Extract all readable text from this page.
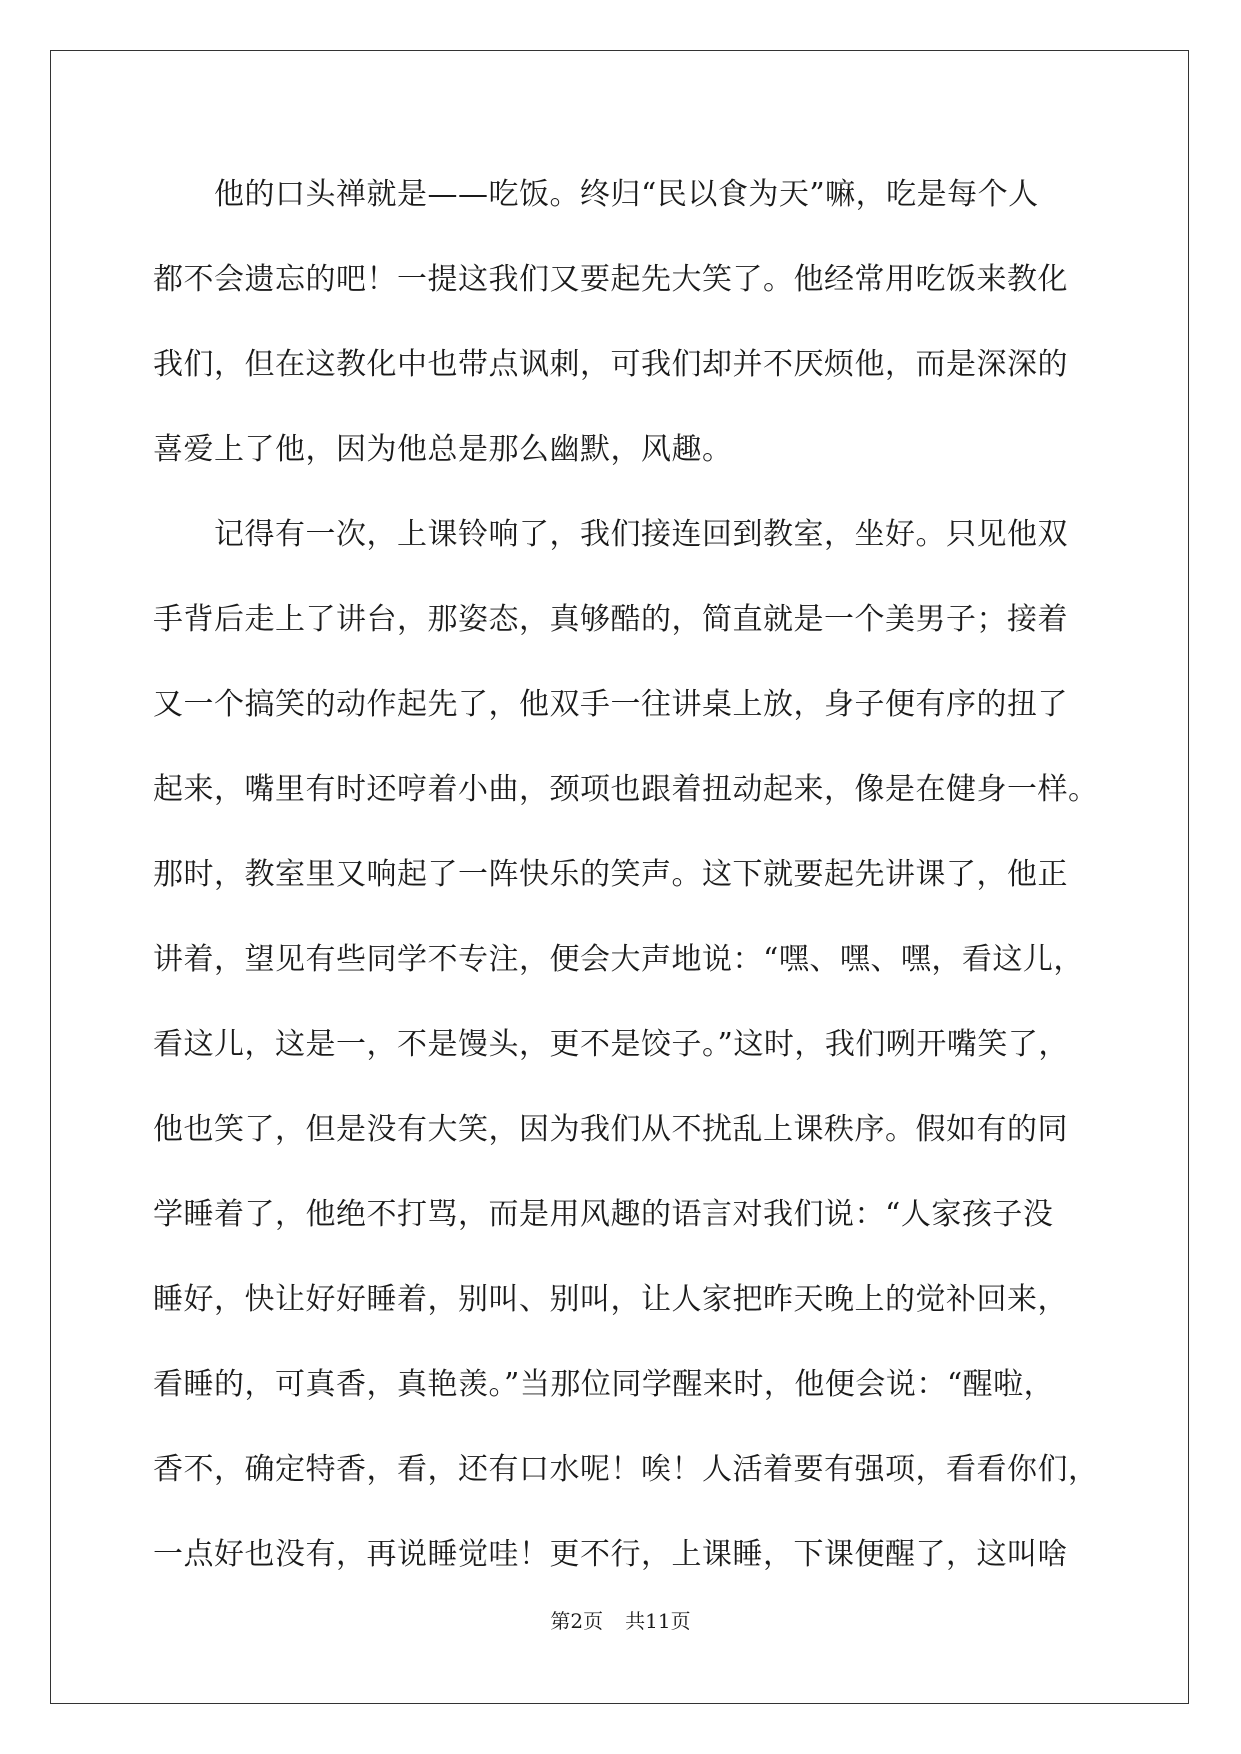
　　他的口头禅就是——吃饭。终归“民以食为天”嘛，吃是每个人
都不会遗忘的吧！一提这我们又要起先大笑了。他经常用吃饭来教化
我们，但在这教化中也带点讽刺，可我们却并不厌烦他，而是深深的
喜爱上了他，因为他总是那么幽默，风趣。
　　记得有一次，上课铃响了，我们接连回到教室，坐好。只见他双
手背后走上了讲台，那姿态，真够酷的，简直就是一个美男子；接着
又一个搞笑的动作起先了，他双手一往讲桌上放，身子便有序的扭了
起来，嘴里有时还哼着小曲，颈项也跟着扭动起来，像是在健身一样。
那时，教室里又响起了一阵快乐的笑声。这下就要起先讲课了，他正
讲着，望见有些同学不专注，便会大声地说：“嘿、嘿、嘿，看这儿，
看这儿，这是一，不是馒头，更不是饺子。”这时，我们咧开嘴笑了，
他也笑了，但是没有大笑，因为我们从不扰乱上课秩序。假如有的同
学睡着了，他绝不打骂，而是用风趣的语言对我们说：“人家孩子没
睡好，快让好好睡着，别叫、别叫，让人家把昨天晚上的觉补回来，
看睡的，可真香，真艳羡。”当那位同学醒来时，他便会说：“醒啦，
香不，确定特香，看，还有口水呢！唉！人活着要有强项，看看你们，
一点好也没有，再说睡觉哇！更不行，上课睡，下课便醒了，这叫啥
第2页 共11页
